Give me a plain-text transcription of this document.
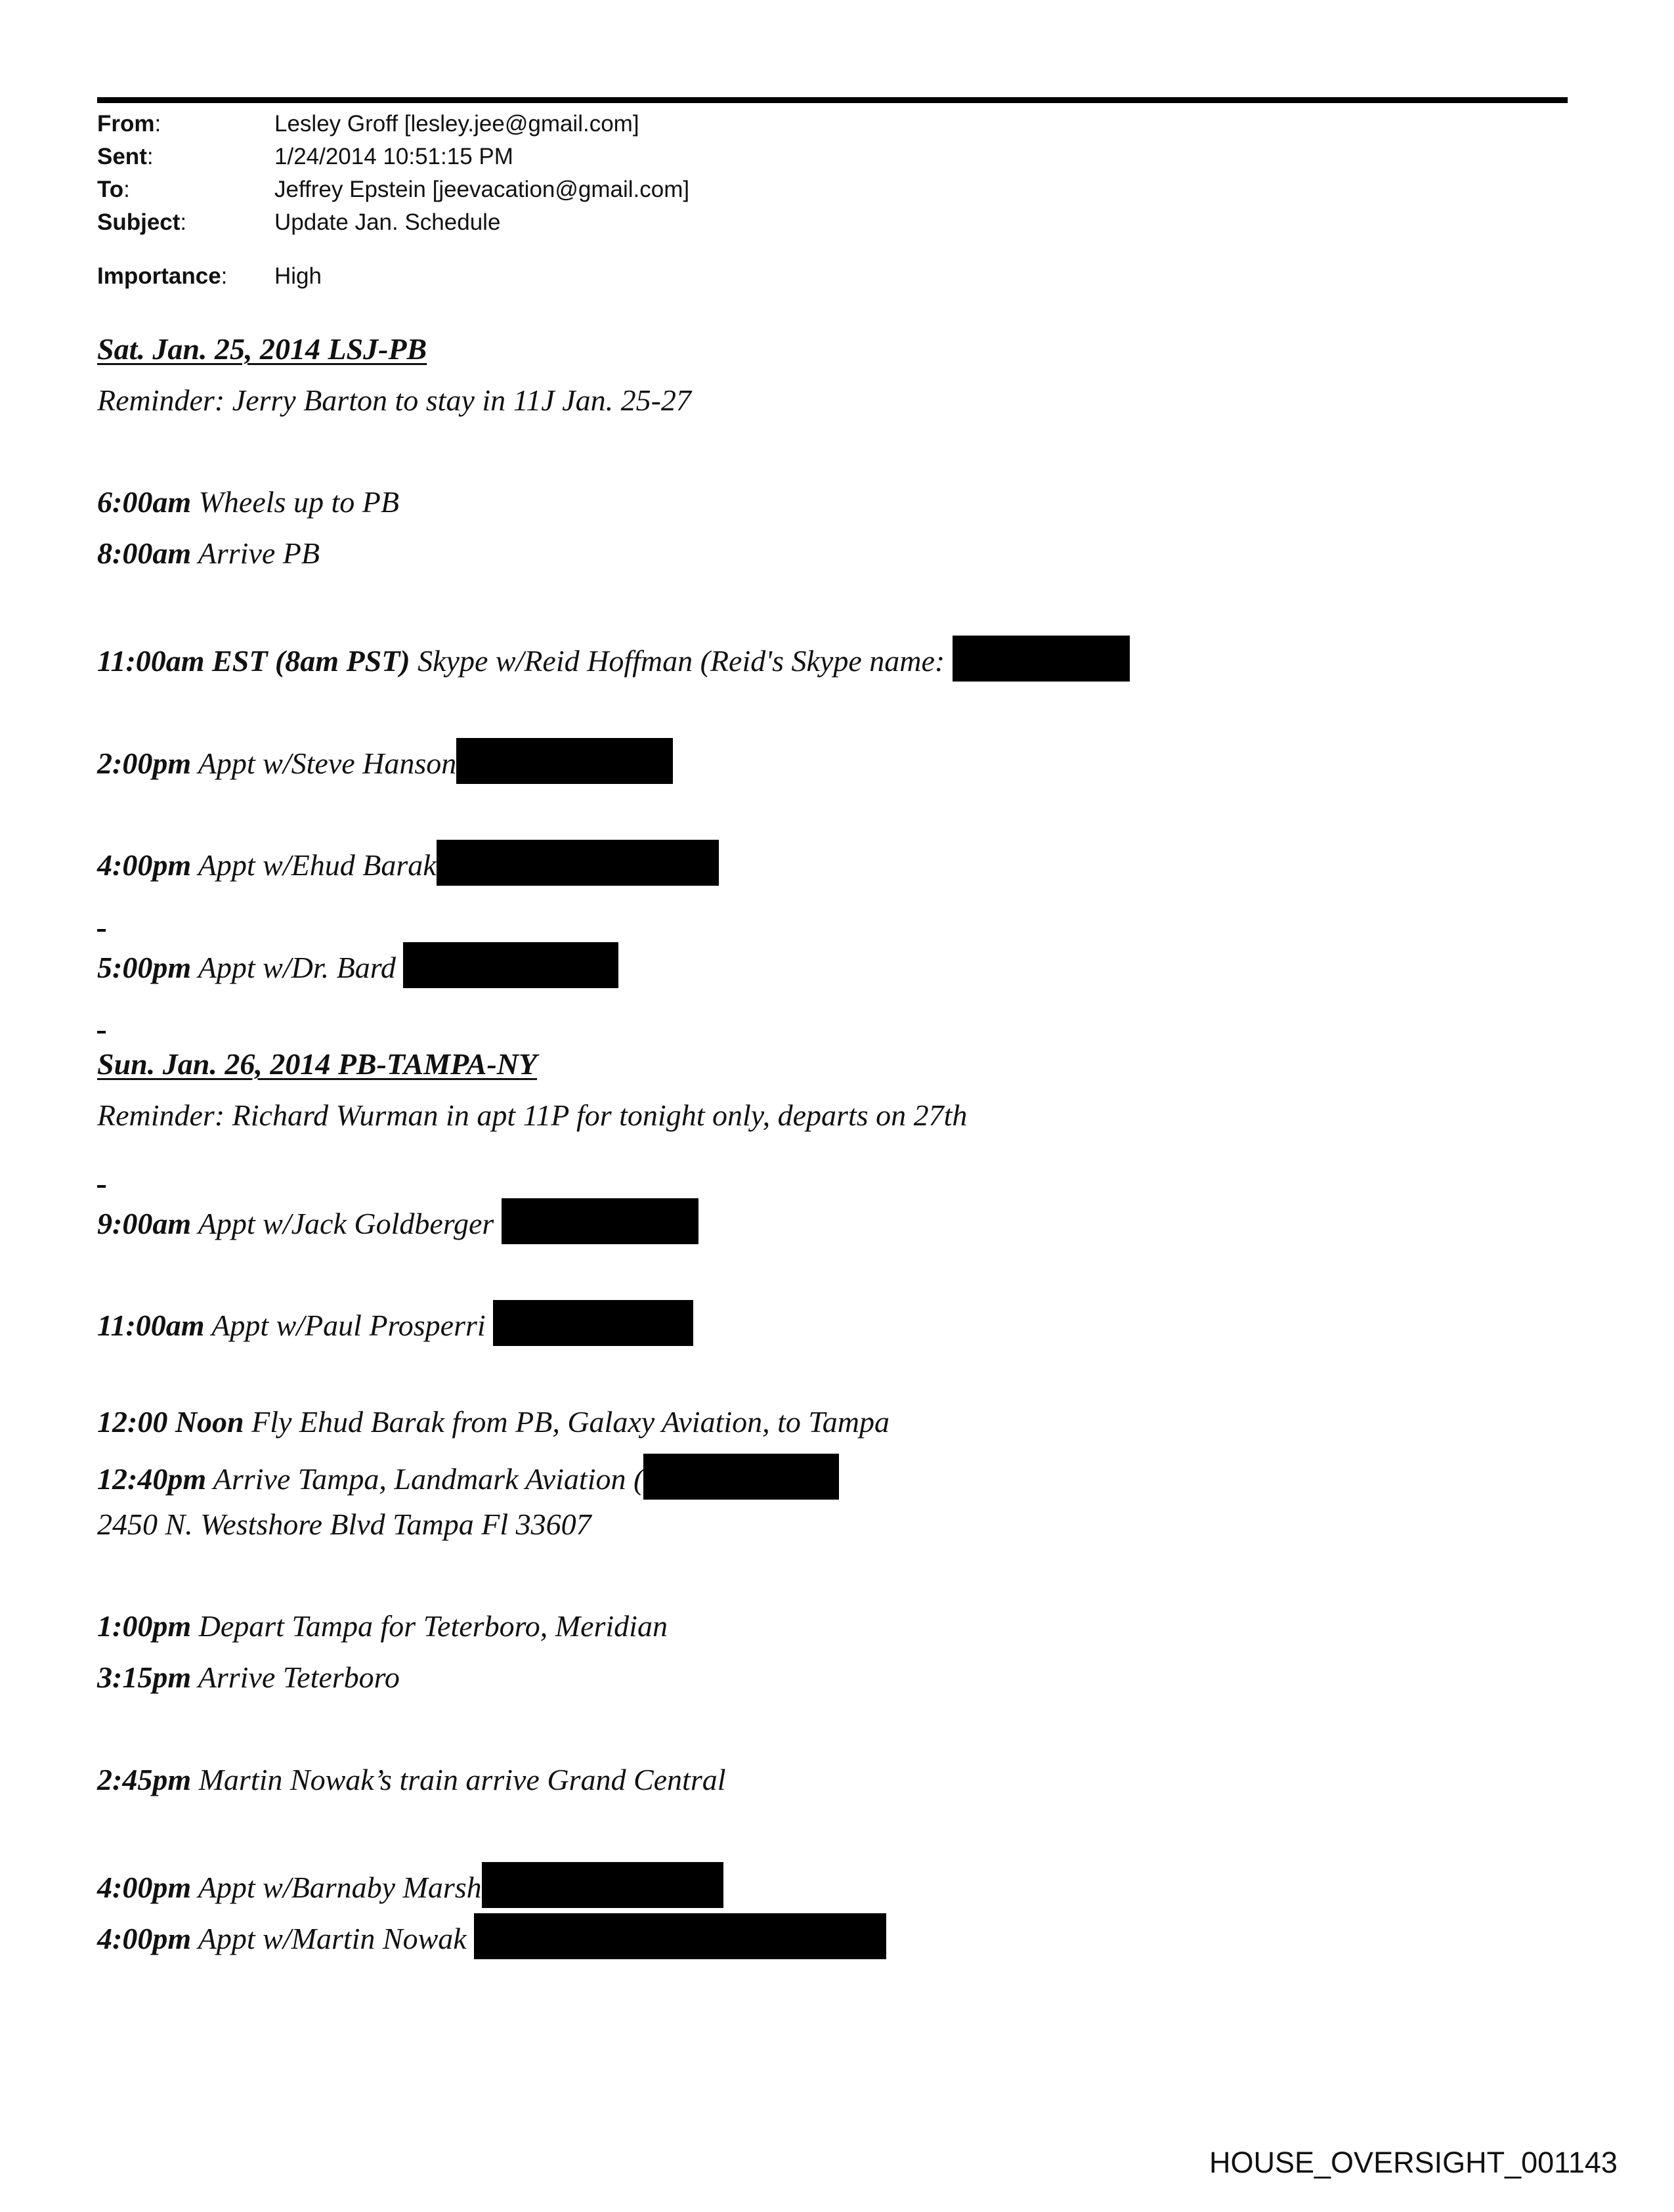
From:	Lesley Groff [lesley.jee@gmail.com]
Sent:	1/24/2014 10:51:15 PM
To:	Jeffrey Epstein [jeevacation@gmail.com]
Subject:	Update Jan. Schedule
Importance: High
Sat. Jan. 25, 2014 LSJ-PB
Reminder: Jerry Barton to stay in 11J Jan. 25-27
6:00am Wheels up to PB
8:00am Arrive PB
11:00am EST (8am PST) Skype w/Reid Hoffman (Reid's Skype name:
2:00pm Appt w/Steve Hanson
4:00pm Appt w/Ehud Barak
5:00pm Appt w/Dr. Bard
Sun. Jan. 26, 2014 PB-TAMPA-NY
Reminder: Richard Wurman in apt 11P for tonight only, departs on 27th
9:00am Appt w/Jack Goldberger
11:00am Appt w/Paul Prosperri
12:00 Noon Fly Ehud Barak from PB, Galaxy Aviation, to Tampa
12:40pm Arrive Tampa, Landmark Aviation (
2450 N. Westshore Blvd Tampa Fl 33607
1:00pm Depart Tampa for Teterboro, Meridian
3:15pm Arrive Teterboro
2:45pm Martin Nowak’s train arrive Grand Central
4:00pm Appt w/Barnaby Marsh
4:00pm Appt w/Martin Nowak
HOUSE_OVERSIGHT_001143
